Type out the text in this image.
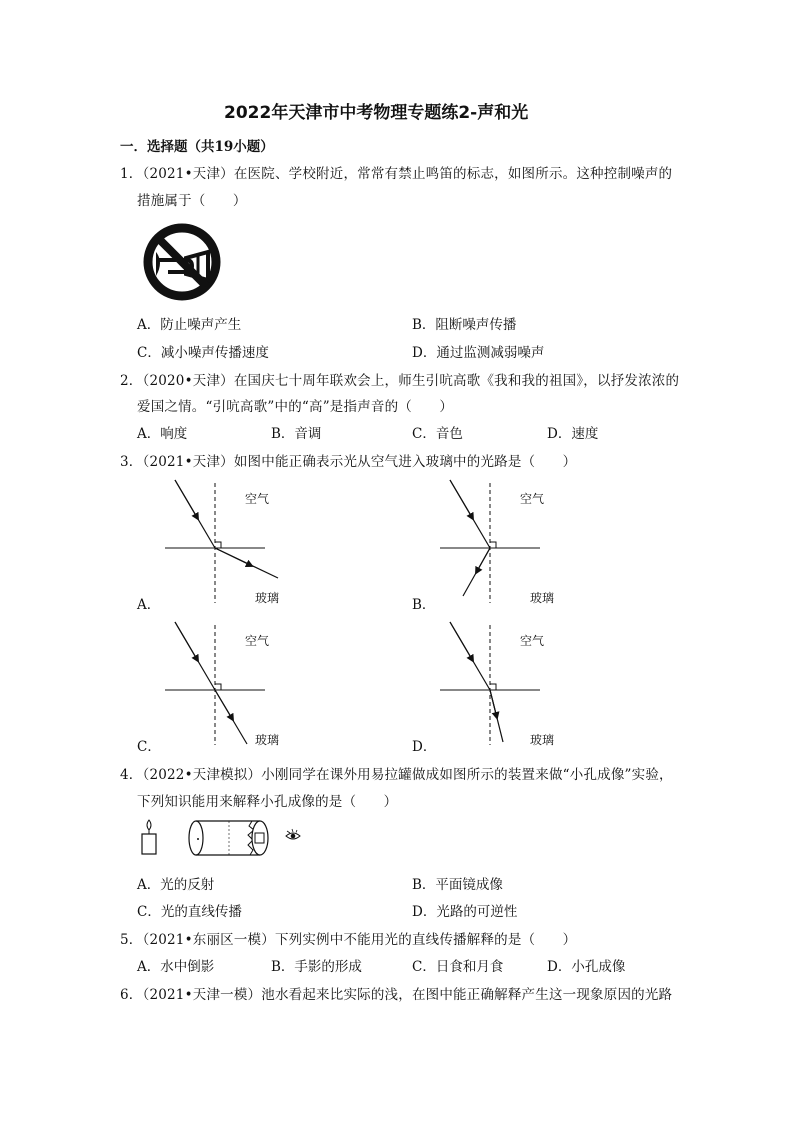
2022年天津市中考物理专题练2-声和光
一．选择题（共19小题）
1．（2021•天津）在医院、学校附近，常常有禁止鸣笛的标志，如图所示。这种控制噪声的
措施属于（　　）
A．防止噪声产生	B．阻断噪声传播
C．减小噪声传播速度	D．通过监测减弱噪声
2．（2020•天津）在国庆七十周年联欢会上，师生引吭高歌《我和我的祖国》，以抒发浓浓的
爱国之情。“引吭高歌”中的“高”是指声音的（　　）
A．响度	B．音调	C．音色	D．速度
3．（2021•天津）如图中能正确表示光从空气进入玻璃中的光路是（　　）
空气
玻璃
A．
空气
玻璃
B．
空气
玻璃
C．
空气
玻璃
D．
4．（2022•天津模拟）小刚同学在课外用易拉罐做成如图所示的装置来做“小孔成像”实验，
下列知识能用来解释小孔成像的是（　　）
A．光的反射	B．平面镜成像
C．光的直线传播	D．光路的可逆性
5．（2021•东丽区一模）下列实例中不能用光的直线传播解释的是（　　）
A．水中倒影	B．手影的形成	C．日食和月食	D．小孔成像
6．（2021•天津一模）池水看起来比实际的浅，在图中能正确解释产生这一现象原因的光路
